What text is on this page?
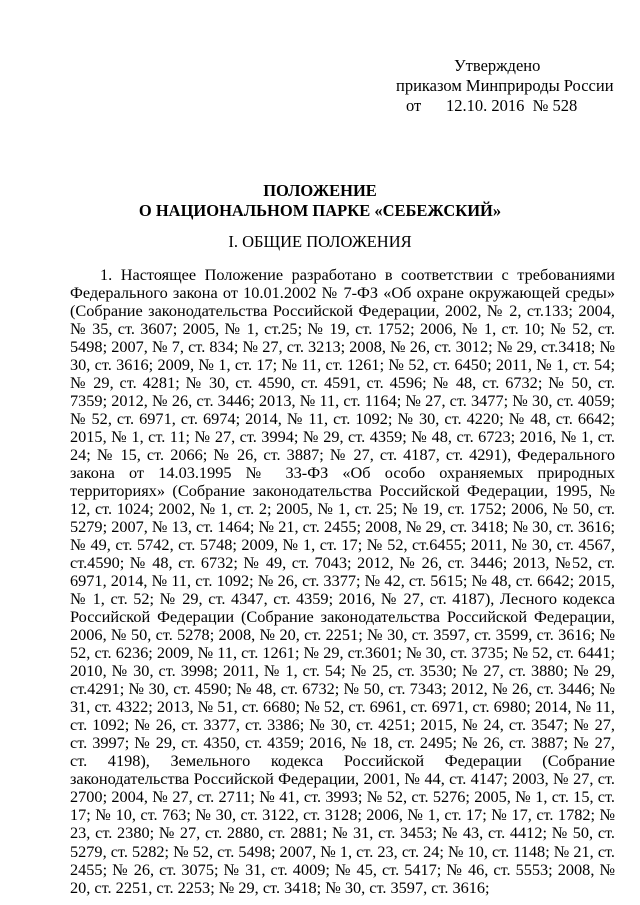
Утверждено
приказом Минприроды России
от      12.10. 2016  № 528
ПОЛОЖЕНИЕ
О НАЦИОНАЛЬНОМ ПАРКЕ «СЕБЕЖСКИЙ»
I. ОБЩИЕ ПОЛОЖЕНИЯ
1. Настоящее Положение разработано в соответствии с требованиями Федерального закона от 10.01.2002 № 7-ФЗ «Об охране окружающей среды» (Собрание законодательства Российской Федерации, 2002, № 2, ст.133; 2004, № 35, ст. 3607; 2005, № 1, ст.25; № 19, ст. 1752; 2006, № 1, ст. 10; № 52, ст. 5498; 2007, № 7, ст. 834; № 27, ст. 3213; 2008, № 26, ст. 3012; № 29, ст.3418; № 30, ст. 3616; 2009, № 1, ст. 17; № 11, ст. 1261; № 52, ст. 6450; 2011, № 1, ст. 54; № 29, ст. 4281; № 30, ст. 4590, ст. 4591, ст. 4596; № 48, ст. 6732; № 50, ст. 7359; 2012, № 26, ст. 3446; 2013, № 11, ст. 1164; № 27, ст. 3477; № 30, ст. 4059; № 52, ст. 6971, ст. 6974; 2014, № 11, ст. 1092; № 30, ст. 4220; № 48, ст. 6642; 2015, № 1, ст. 11; № 27, ст. 3994; № 29, ст. 4359; № 48, ст. 6723; 2016, № 1, ст. 24; № 15, ст. 2066; № 26, ст. 3887; № 27, ст. 4187, ст. 4291), Федерального закона от 14.03.1995 № 33-ФЗ «Об особо охраняемых природных территориях» (Собрание законодательства Российской Федерации, 1995, № 12, ст. 1024; 2002, № 1, ст. 2; 2005, № 1, ст. 25; № 19, ст. 1752; 2006, № 50, ст. 5279; 2007, № 13, ст. 1464; № 21, ст. 2455; 2008, № 29, ст. 3418; № 30, ст. 3616; № 49, ст. 5742, ст. 5748; 2009, № 1, ст. 17; № 52, ст.6455; 2011, № 30, ст. 4567, ст.4590; № 48, ст. 6732; № 49, ст. 7043; 2012, № 26, ст. 3446; 2013, №52, ст. 6971, 2014, № 11, ст. 1092; № 26, ст. 3377; № 42, ст. 5615; № 48, ст. 6642; 2015, № 1, ст. 52; № 29, ст. 4347, ст. 4359; 2016, № 27, ст. 4187), Лесного кодекса Российской Федерации (Собрание законодательства Российской Федерации, 2006, № 50, ст. 5278; 2008, № 20, ст. 2251; № 30, ст. 3597, ст. 3599, ст. 3616; № 52, ст. 6236; 2009, № 11, ст. 1261; № 29, ст.3601; № 30, ст. 3735; № 52, ст. 6441; 2010, № 30, ст. 3998; 2011, № 1, ст. 54; № 25, ст. 3530; № 27, ст. 3880; № 29, ст.4291; № 30, ст. 4590; № 48, ст. 6732; № 50, ст. 7343; 2012, № 26, ст. 3446; № 31, ст. 4322; 2013, № 51, ст. 6680; № 52, ст. 6961, ст. 6971, ст. 6980; 2014, № 11, ст. 1092; № 26, ст. 3377, ст. 3386; № 30, ст. 4251; 2015, № 24, ст. 3547; № 27, ст. 3997; № 29, ст. 4350, ст. 4359; 2016, № 18, ст. 2495; № 26, ст. 3887; № 27, ст. 4198), Земельного кодекса Российской Федерации (Собрание законодательства Российской Федерации, 2001, № 44, ст. 4147; 2003, № 27, ст. 2700; 2004, № 27, ст. 2711; № 41, ст. 3993; № 52, ст. 5276; 2005, № 1, ст. 15, ст. 17; № 10, ст. 763; № 30, ст. 3122, ст. 3128; 2006, № 1, ст. 17; № 17, ст. 1782; № 23, ст. 2380; № 27, ст. 2880, ст. 2881; № 31, ст. 3453; № 43, ст. 4412; № 50, ст. 5279, ст. 5282; № 52, ст. 5498; 2007, № 1, ст. 23, ст. 24; № 10, ст. 1148; № 21, ст. 2455; № 26, ст. 3075; № 31, ст. 4009; № 45, ст. 5417; № 46, ст. 5553; 2008, № 20, ст. 2251, ст. 2253; № 29, ст. 3418; № 30, ст. 3597, ст. 3616;
